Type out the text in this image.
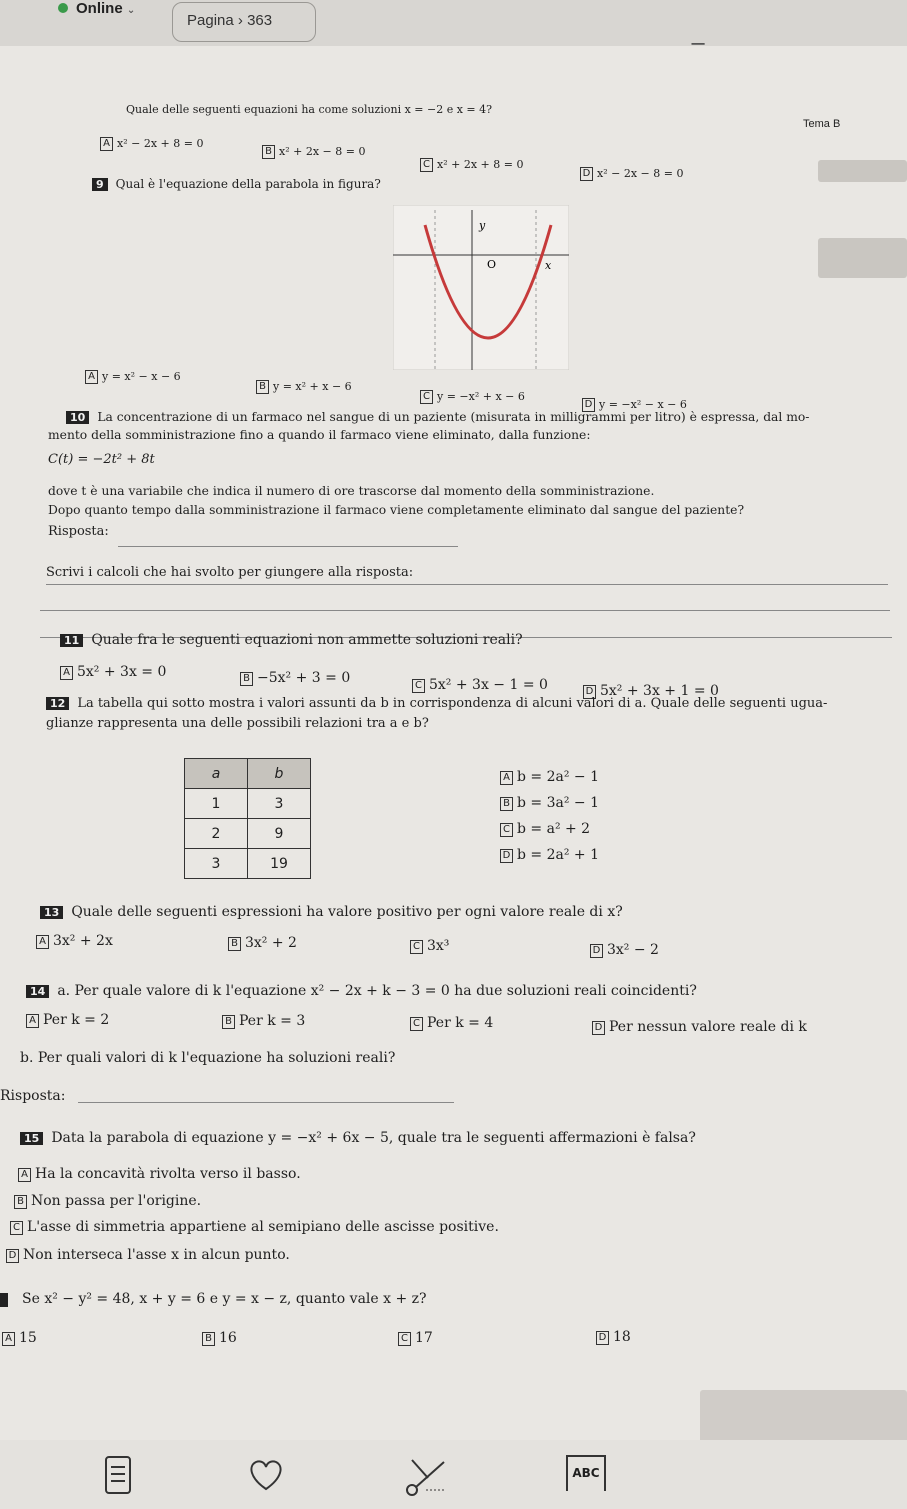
Online ⌄
Pagina › 363
Tema B
Quale delle seguenti equazioni ha come soluzioni x = −2 e x = 4?
A x² − 2x + 8 = 0
B x² + 2x − 8 = 0
C x² + 2x + 8 = 0
D x² − 2x − 8 = 0
9 Qual è l'equazione della parabola in figura?
y
x
O
A y = x² − x − 6
B y = x² + x − 6
C y = −x² + x − 6
D y = −x² − x − 6
10 La concentrazione di un farmaco nel sangue di un paziente (misurata in milligrammi per litro) è espressa, dal mo-
mento della somministrazione fino a quando il farmaco viene eliminato, dalla funzione:
C(t) = −2t² + 8t
dove t è una variabile che indica il numero di ore trascorse dal momento della somministrazione.
Dopo quanto tempo dalla somministrazione il farmaco viene completamente eliminato dal sangue del paziente?
Risposta:
Scrivi i calcoli che hai svolto per giungere alla risposta:
11 Quale fra le seguenti equazioni non ammette soluzioni reali?
A 5x² + 3x = 0	B −5x² + 3 = 0	C 5x² + 3x − 1 = 0	D 5x² + 3x + 1 = 0
12 La tabella qui sotto mostra i valori assunti da b in corrispondenza di alcuni valori di a. Quale delle seguenti ugua-
glianze rappresenta una delle possibili relazioni tra a e b?
a	b
1	3
2	9
3	19
A b = 2a² − 1
B b = 3a² − 1
C b = a² + 2
D b = 2a² + 1
13 Quale delle seguenti espressioni ha valore positivo per ogni valore reale di x?
A 3x² + 2x	B 3x² + 2	C 3x³	D 3x² − 2
14 a. Per quale valore di k l'equazione x² − 2x + k − 3 = 0 ha due soluzioni reali coincidenti?
A Per k = 2	B Per k = 3	C Per k = 4	D Per nessun valore reale di k
b. Per quali valori di k l'equazione ha soluzioni reali?
Risposta:
15 Data la parabola di equazione y = −x² + 6x − 5, quale tra le seguenti affermazioni è falsa?
A Ha la concavità rivolta verso il basso.
B Non passa per l'origine.
C L'asse di simmetria appartiene al semipiano delle ascisse positive.
D Non interseca l'asse x in alcun punto.
Se x² − y² = 48, x + y = 6 e y = x − z, quanto vale x + z?
A 15	B 16	C 17	D 18
ABC
